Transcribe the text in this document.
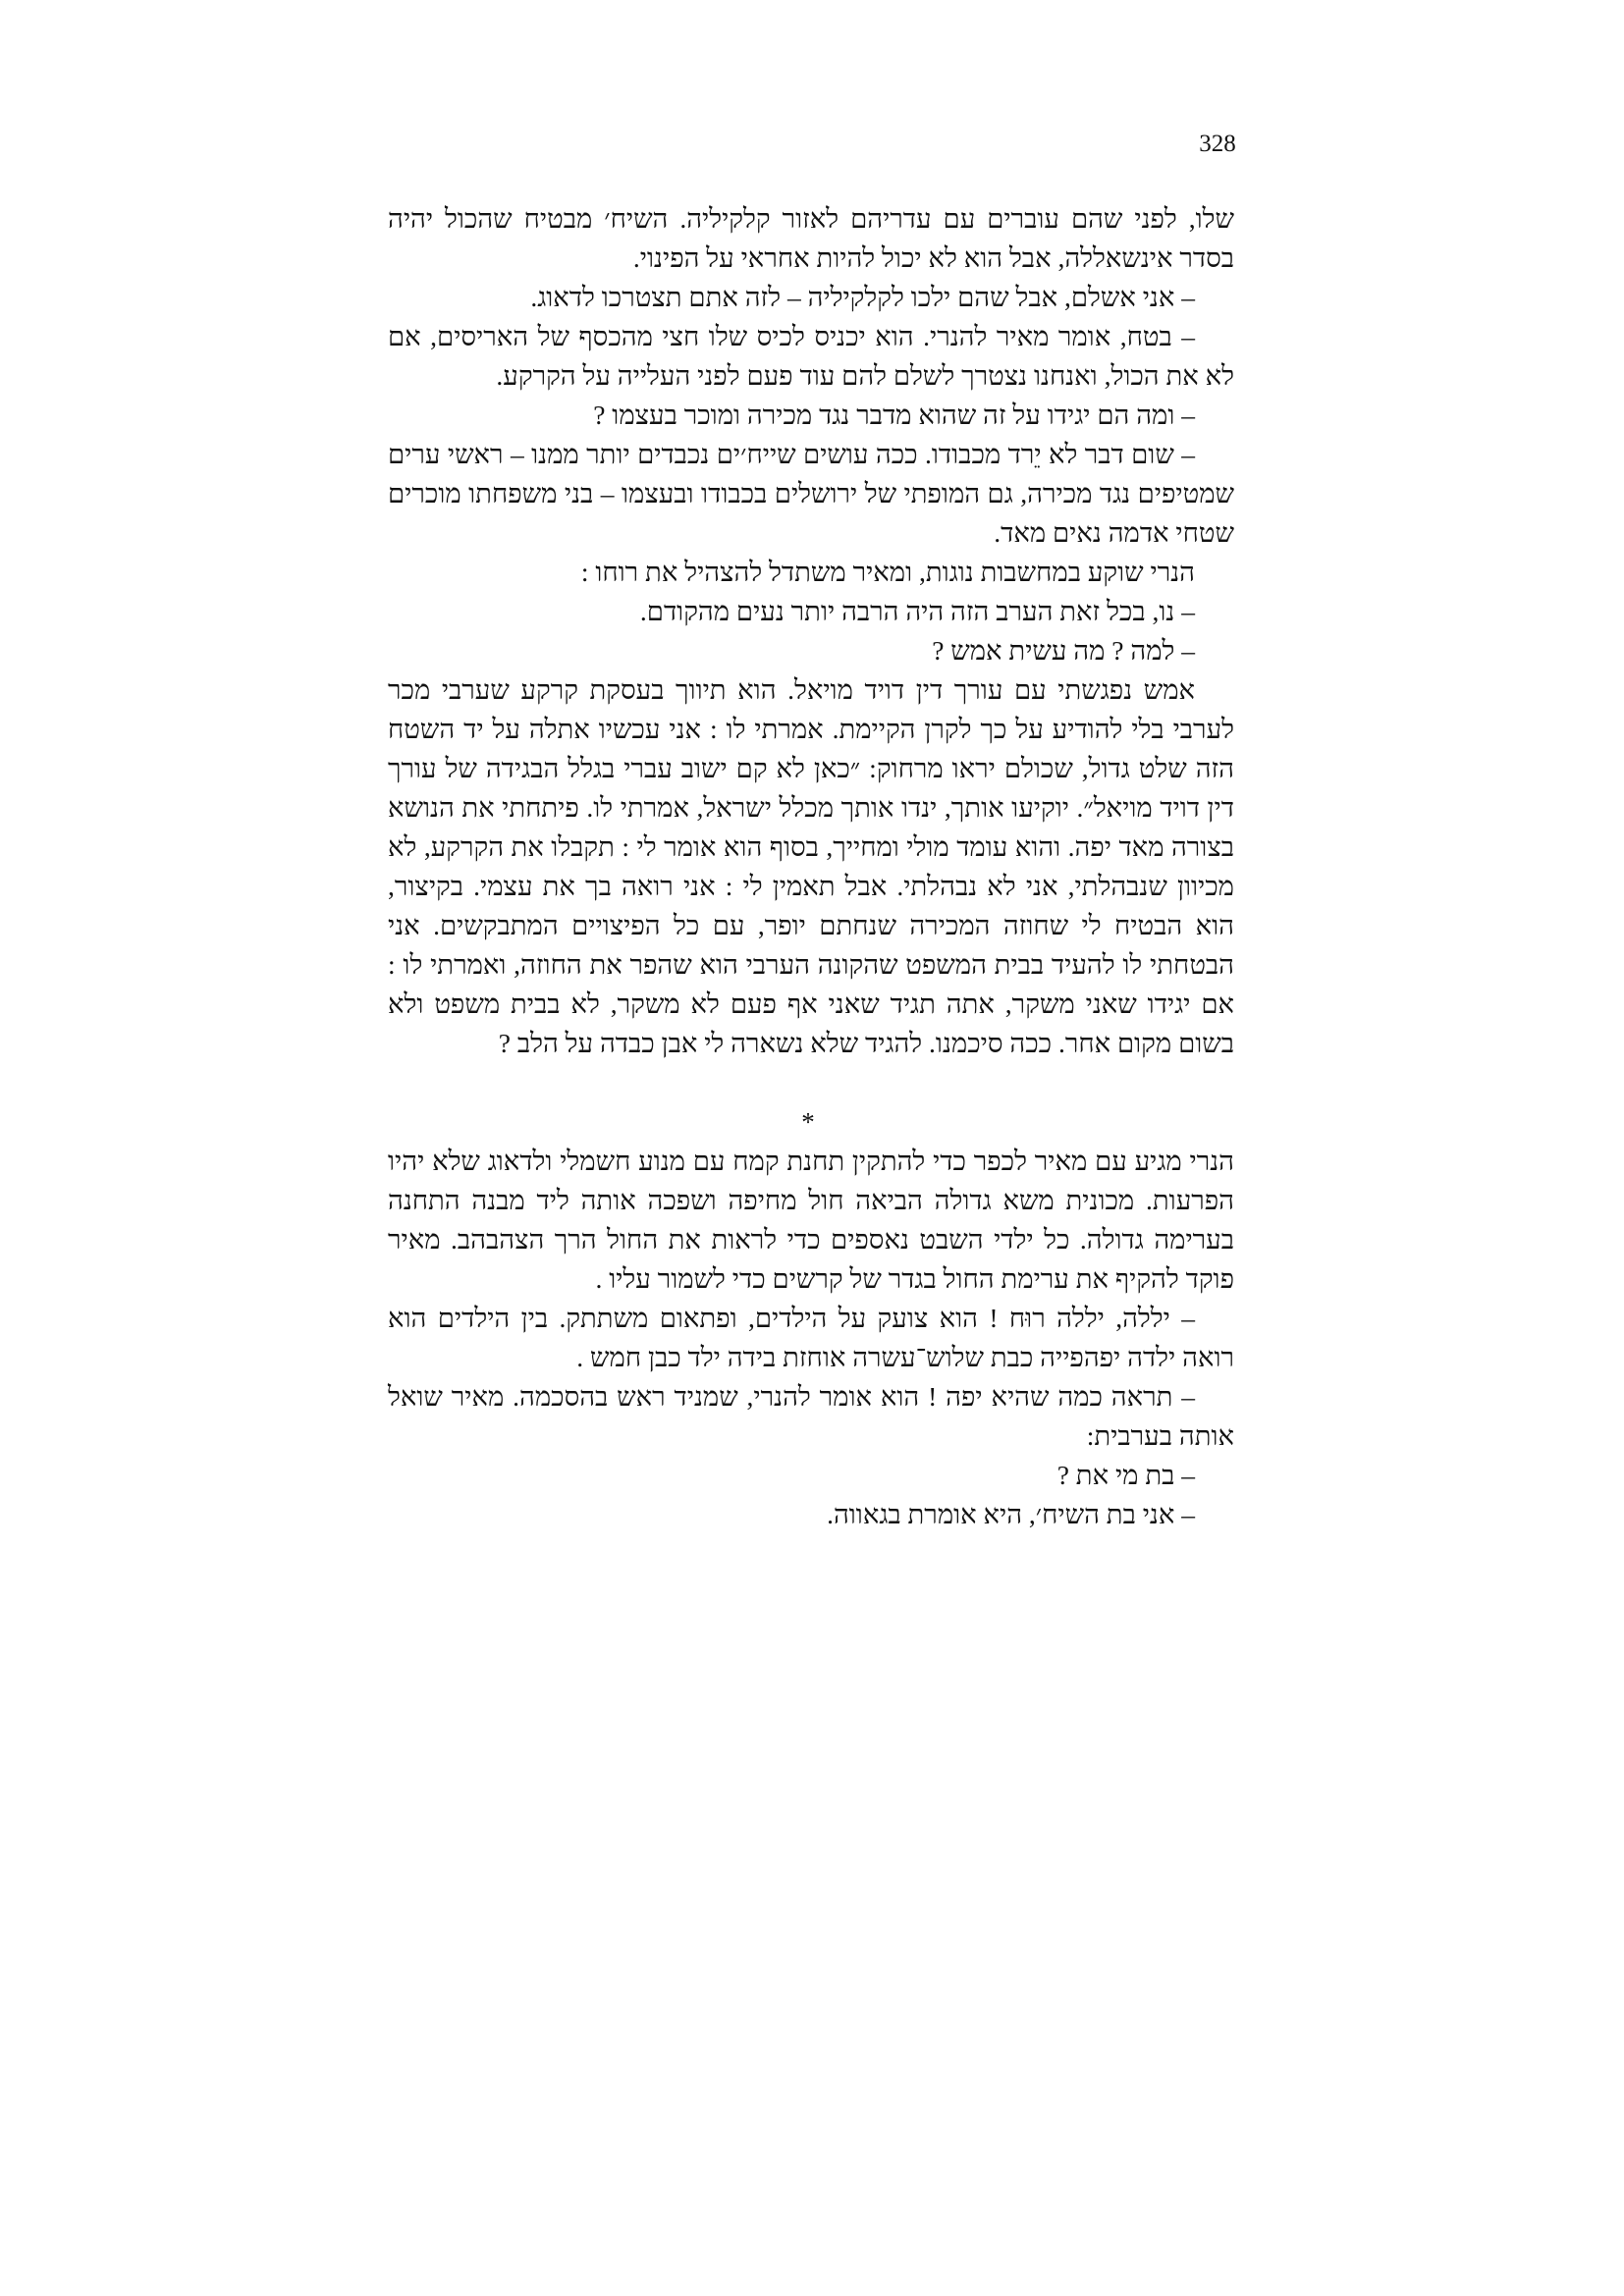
328

שלו, לפני שהם עוברים עם עדריהם לאזור קלקיליה. השיח׳ מבטיח שהכול יהיה בסדר אינשאללה, אבל הוא לא יכול להיות אחראי על הפינוי.

– אני אשלם, אבל שהם ילכו לקלקיליה – לזה אתם תצטרכו לדאוג.

– בטח, אומר מאיר להנרי. הוא יכניס לכיס שלו חצי מהכסף של האריסים, אם לא את הכול, ואנחנו נצטרך לשלם להם עוד פעם לפני העלייה על הקרקע.

– ומה הם יגידו על זה שהוא מדבר נגד מכירה ומוכר בעצמו ?

– שום דבר לא יֵרד מכבודו. ככה עושים שייח׳ים נכבדים יותר ממנו – ראשי ערים שמטיפים נגד מכירה, גם המופתי של ירושלים בכבודו ובעצמו – בני משפחתו מוכרים שטחי אדמה נאים מאד.

הנרי שוקע במחשבות נוגות, ומאיר משתדל להצהיל את רוחו :

– נו, בכל זאת הערב הזה היה הרבה יותר נעים מהקודם.

– למה ? מה עשית אמש ?

אמש נפגשתי עם עורך דין דויד מויאל. הוא תיווך בעסקת קרקע שערבי מכר לערבי בלי להודיע על כך לקרן הקיימת. אמרתי לו : אני עכשיו אתלה על יד השטח הזה שלט גדול, שכולם יראו מרחוק: ״כאן לא קם ישוב עברי בגלל הבגידה של עורך דין דויד מויאל״. יוקיעו אותך, ינדו אותך מכלל ישראל, אמרתי לו. פיתחתי את הנושא בצורה מאד יפה. והוא עומד מולי ומחייך, בסוף הוא אומר לי : תקבלו את הקרקע, לא מכיוון שנבהלתי, אני לא נבהלתי. אבל תאמין לי : אני רואה בך את עצמי. בקיצור, הוא הבטיח לי שחוזה המכירה שנחתם יופר, עם כל הפיצויים המתבקשים. אני הבטחתי לו להעיד בבית המשפט שהקונה הערבי הוא שהפר את החוזה, ואמרתי לו : אם יגידו שאני משקר, אתה תגיד שאני אף פעם לא משקר, לא בבית משפט ולא בשום מקום אחר. ככה סיכמנו. להגיד שלא נשארה לי אבן כבדה על הלב ?

*

הנרי מגיע עם מאיר לכפר כדי להתקין תחנת קמח עם מנוע חשמלי ולדאוג שלא יהיו הפרעות. מכונית משא גדולה הביאה חול מחיפה ושפכה אותה ליד מבנה התחנה בערימה גדולה. כל ילדי השבט נאספים כדי לראות את החול הרך הצהבהב. מאיר פוקד להקיף את ערימת החול בגדר של קרשים כדי לשמור עליו .

– יללה, יללה רוּח ! הוא צועק על הילדים, ופתאום משתתק. בין הילדים הוא רואה ילדה יפהפייה כבת שלוש־עשרה אוחזת בידה ילד כבן חמש .

– תראה כמה שהיא יפה ! הוא אומר להנרי, שמניד ראש בהסכמה. מאיר שואל אותה בערבית:

– בת מי את ?

– אני בת השיח׳, היא אומרת בגאווה.
